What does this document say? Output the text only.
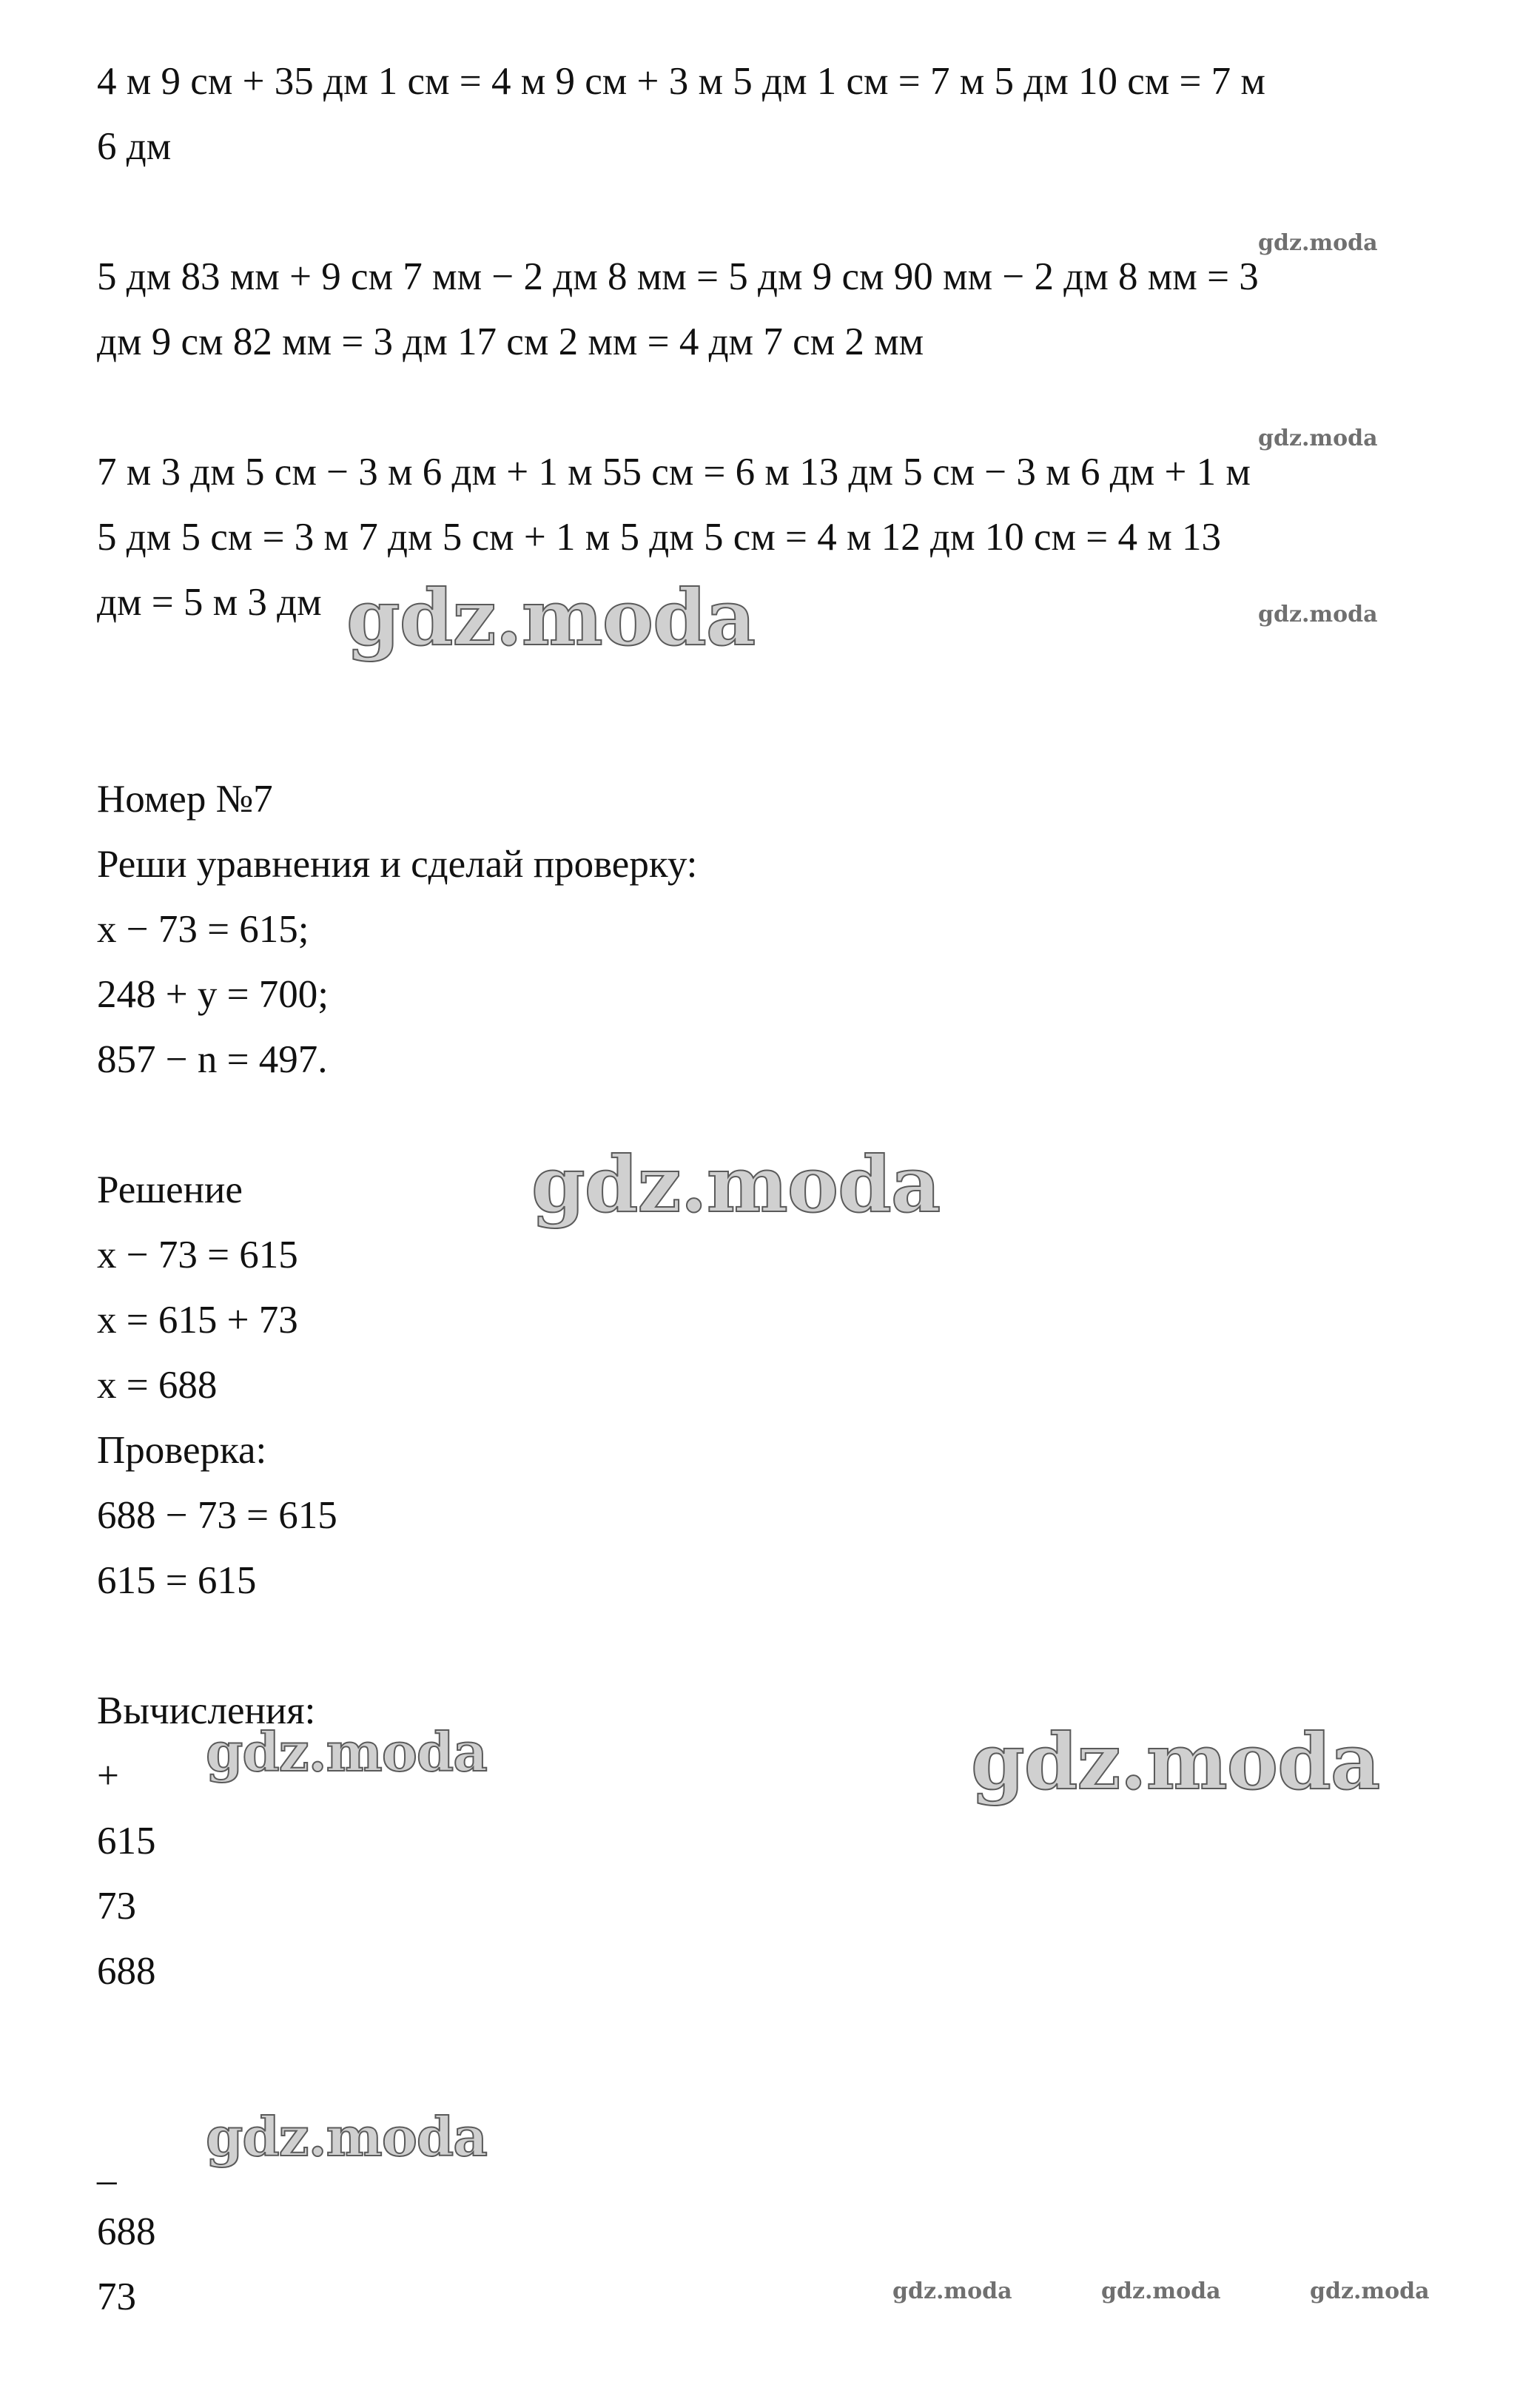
4 м 9 см + 35 дм 1 см = 4 м 9 см + 3 м 5 дм 1 см = 7 м 5 дм 10 см = 7 м

6 дм

5 дм 83 мм + 9 см 7 мм − 2 дм 8 мм = 5 дм 9 см 90 мм − 2 дм 8 мм = 3

дм 9 см 82 мм = 3 дм 17 см 2 мм = 4 дм 7 см 2 мм

7 м 3 дм 5 см − 3 м 6 дм + 1 м 55 см = 6 м 13 дм 5 см − 3 м 6 дм + 1 м

5 дм 5 см = 3 м 7 дм 5 см + 1 м 5 дм 5 см = 4 м 12 дм 10 см = 4 м 13

дм = 5 м 3 дм

Номер №7

Реши уравнения и сделай проверку:

x − 73 = 615;

248 + y = 700;

857 − n = 497.

Решение

x − 73 = 615

x = 615 + 73

x = 688

Проверка:

688 − 73 = 615

615 = 615

Вычисления:

+

615

73

688

_

688

73

gdz.moda
gdz.moda
gdz.moda
gdz.moda
gdz.moda
gdz.moda	gdz.moda
gdz.moda
gdz.moda	gdz.moda	gdz.moda
